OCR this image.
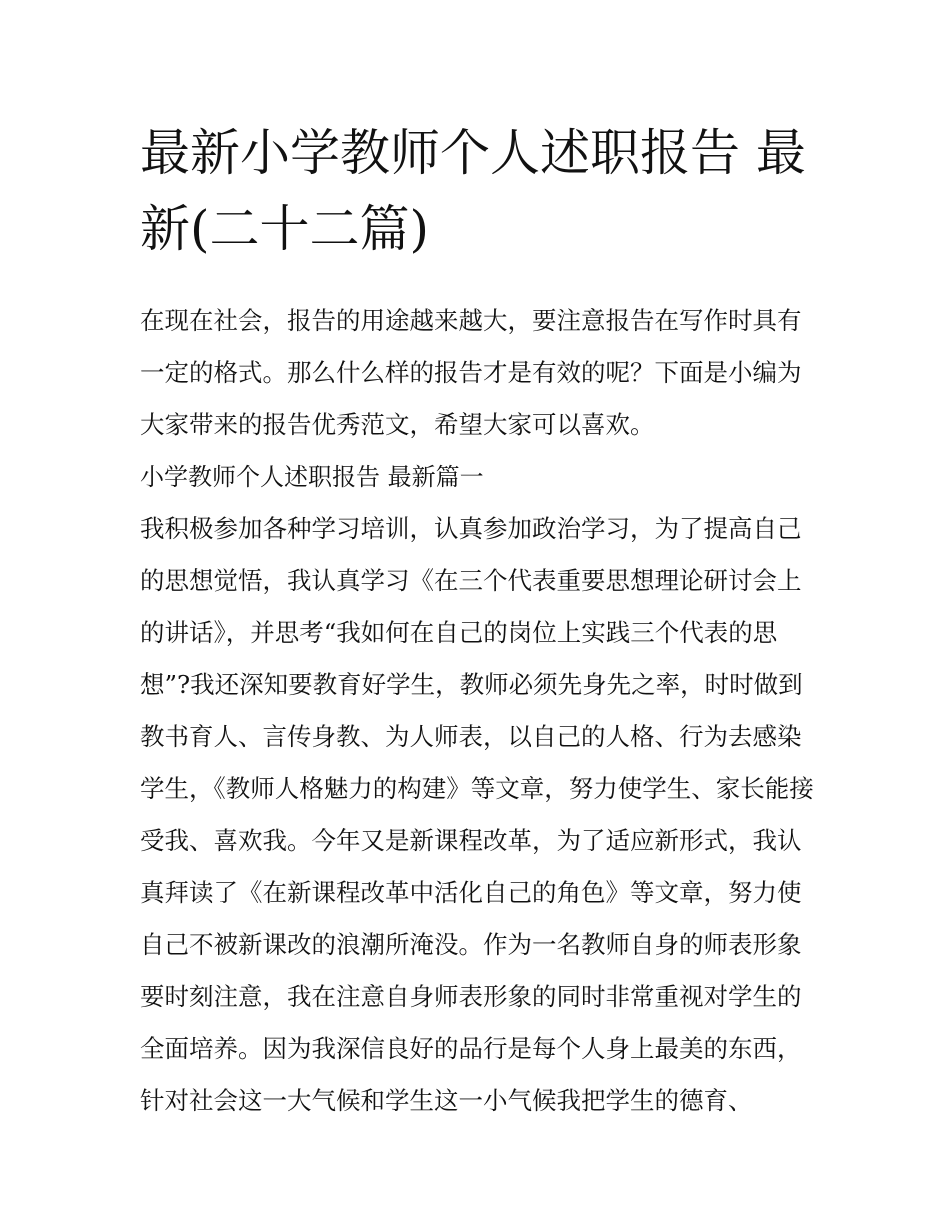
最新小学教师个人述职报告 最新(二十二篇)

在现在社会，报告的用途越来越大，要注意报告在写作时具有一定的格式。那么什么样的报告才是有效的呢？下面是小编为大家带来的报告优秀范文，希望大家可以喜欢。

小学教师个人述职报告 最新篇一

我积极参加各种学习培训，认真参加政治学习，为了提高自己的思想觉悟，我认真学习《在三个代表重要思想理论研讨会上的讲话》，并思考“我如何在自己的岗位上实践三个代表的思想”?我还深知要教育好学生，教师必须先身先之率，时时做到教书育人、言传身教、为人师表，以自己的人格、行为去感染学生，《教师人格魅力的构建》等文章，努力使学生、家长能接受我、喜欢我。今年又是新课程改革，为了适应新形式，我认真拜读了《在新课程改革中活化自己的角色》等文章，努力使自己不被新课改的浪潮所淹没。作为一名教师自身的师表形象要时刻注意，我在注意自身师表形象的同时非常重视对学生的全面培养。因为我深信良好的品行是每个人身上最美的东西，针对社会这一大气候和学生这一小气候我把学生的德育、
